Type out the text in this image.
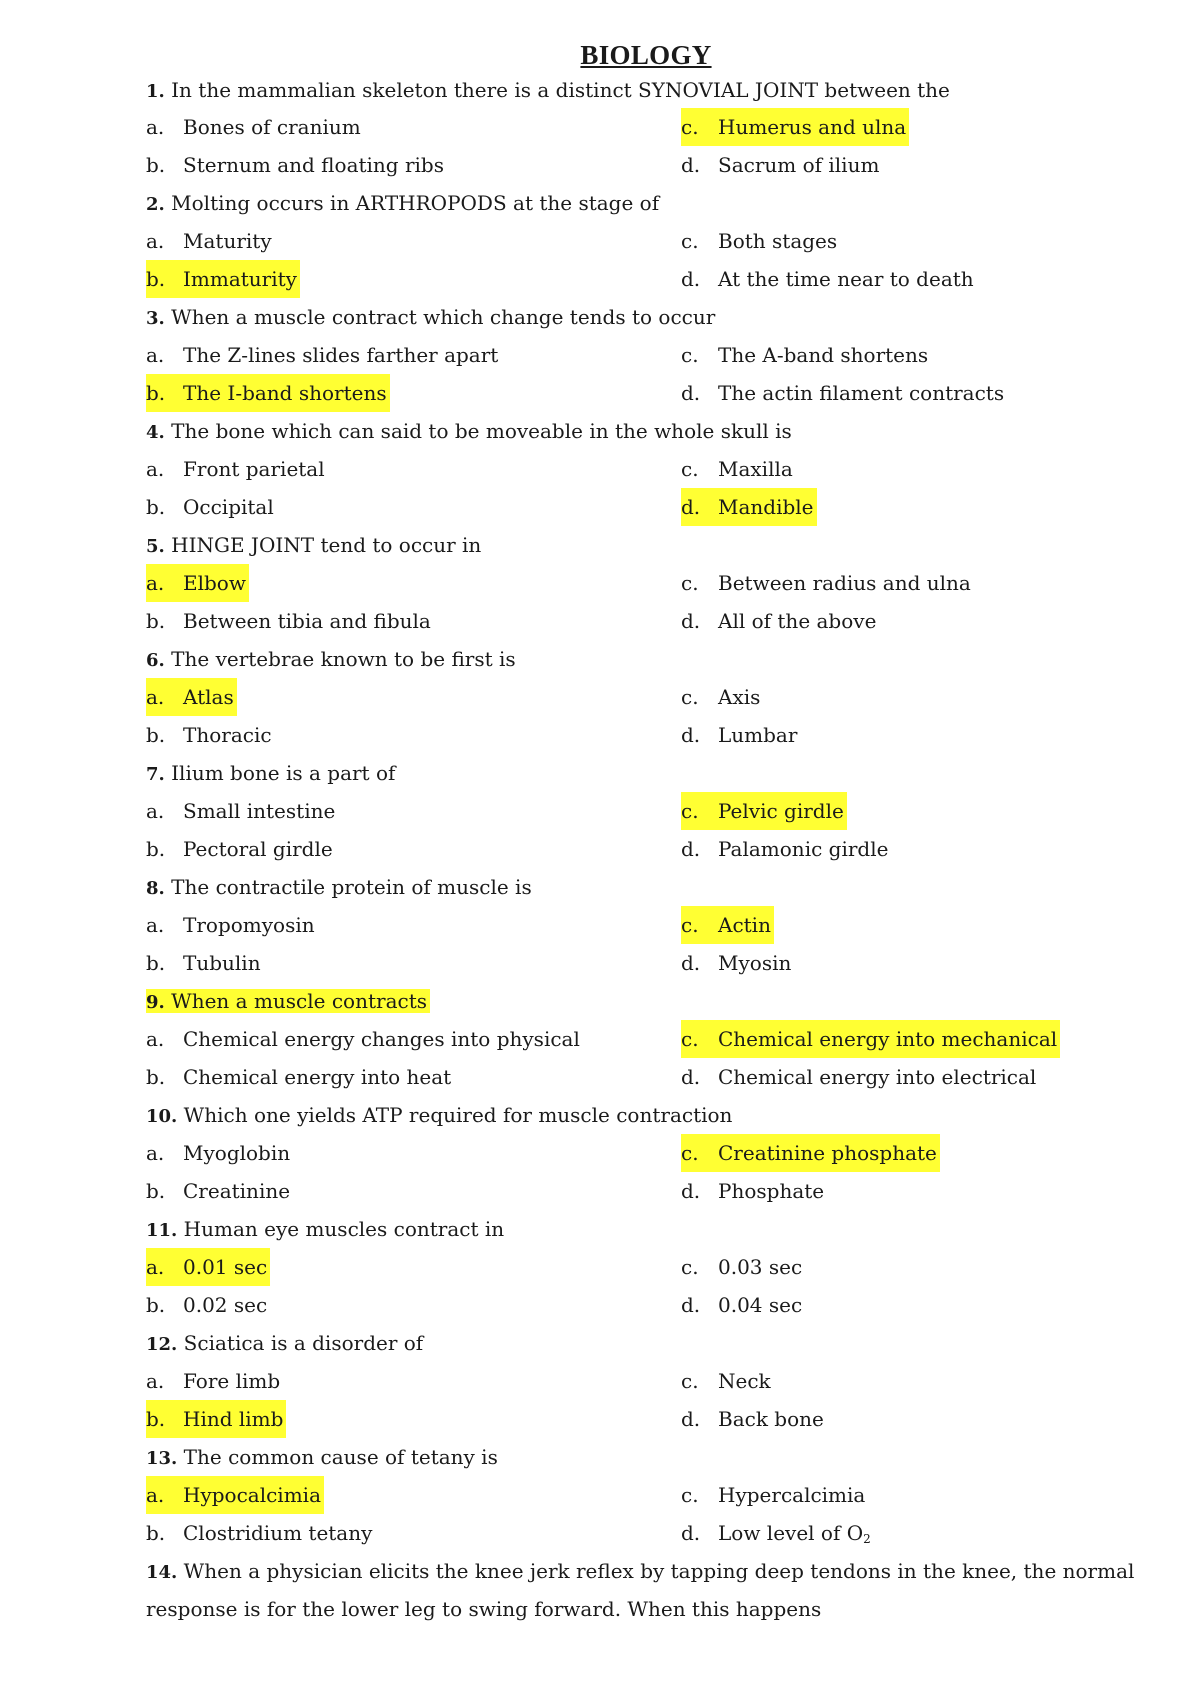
BIOLOGY
1. In the mammalian skeleton there is a distinct SYNOVIAL JOINT between the
a. Bones of cranium	c. Humerus and ulna
b. Sternum and floating ribs	d. Sacrum of ilium
2. Molting occurs in ARTHROPODS at the stage of
a. Maturity	c. Both stages
b. Immaturity	d. At the time near to death
3. When a muscle contract which change tends to occur
a. The Z-lines slides farther apart	c. The A-band shortens
b. The I-band shortens	d. The actin filament contracts
4. The bone which can said to be moveable in the whole skull is
a. Front parietal	c. Maxilla
b. Occipital	d. Mandible
5. HINGE JOINT tend to occur in
a. Elbow	c. Between radius and ulna
b. Between tibia and fibula	d. All of the above
6. The vertebrae known to be first is
a. Atlas	c. Axis
b. Thoracic	d. Lumbar
7. Ilium bone is a part of
a. Small intestine	c. Pelvic girdle
b. Pectoral girdle	d. Palamonic girdle
8. The contractile protein of muscle is
a. Tropomyosin	c. Actin
b. Tubulin	d. Myosin
9. When a muscle contracts
a. Chemical energy changes into physical	c. Chemical energy into mechanical
b. Chemical energy into heat	d. Chemical energy into electrical
10. Which one yields ATP required for muscle contraction
a. Myoglobin	c. Creatinine phosphate
b. Creatinine	d. Phosphate
11. Human eye muscles contract in
a. 0.01 sec	c. 0.03 sec
b. 0.02 sec	d. 0.04 sec
12. Sciatica is a disorder of
a. Fore limb	c. Neck
b. Hind limb	d. Back bone
13. The common cause of tetany is
a. Hypocalcimia	c. Hypercalcimia
b. Clostridium tetany	d. Low level of $O_2$
14. When a physician elicits the knee jerk reflex by tapping deep tendons in the knee, the normal
response is for the lower leg to swing forward. When this happens
